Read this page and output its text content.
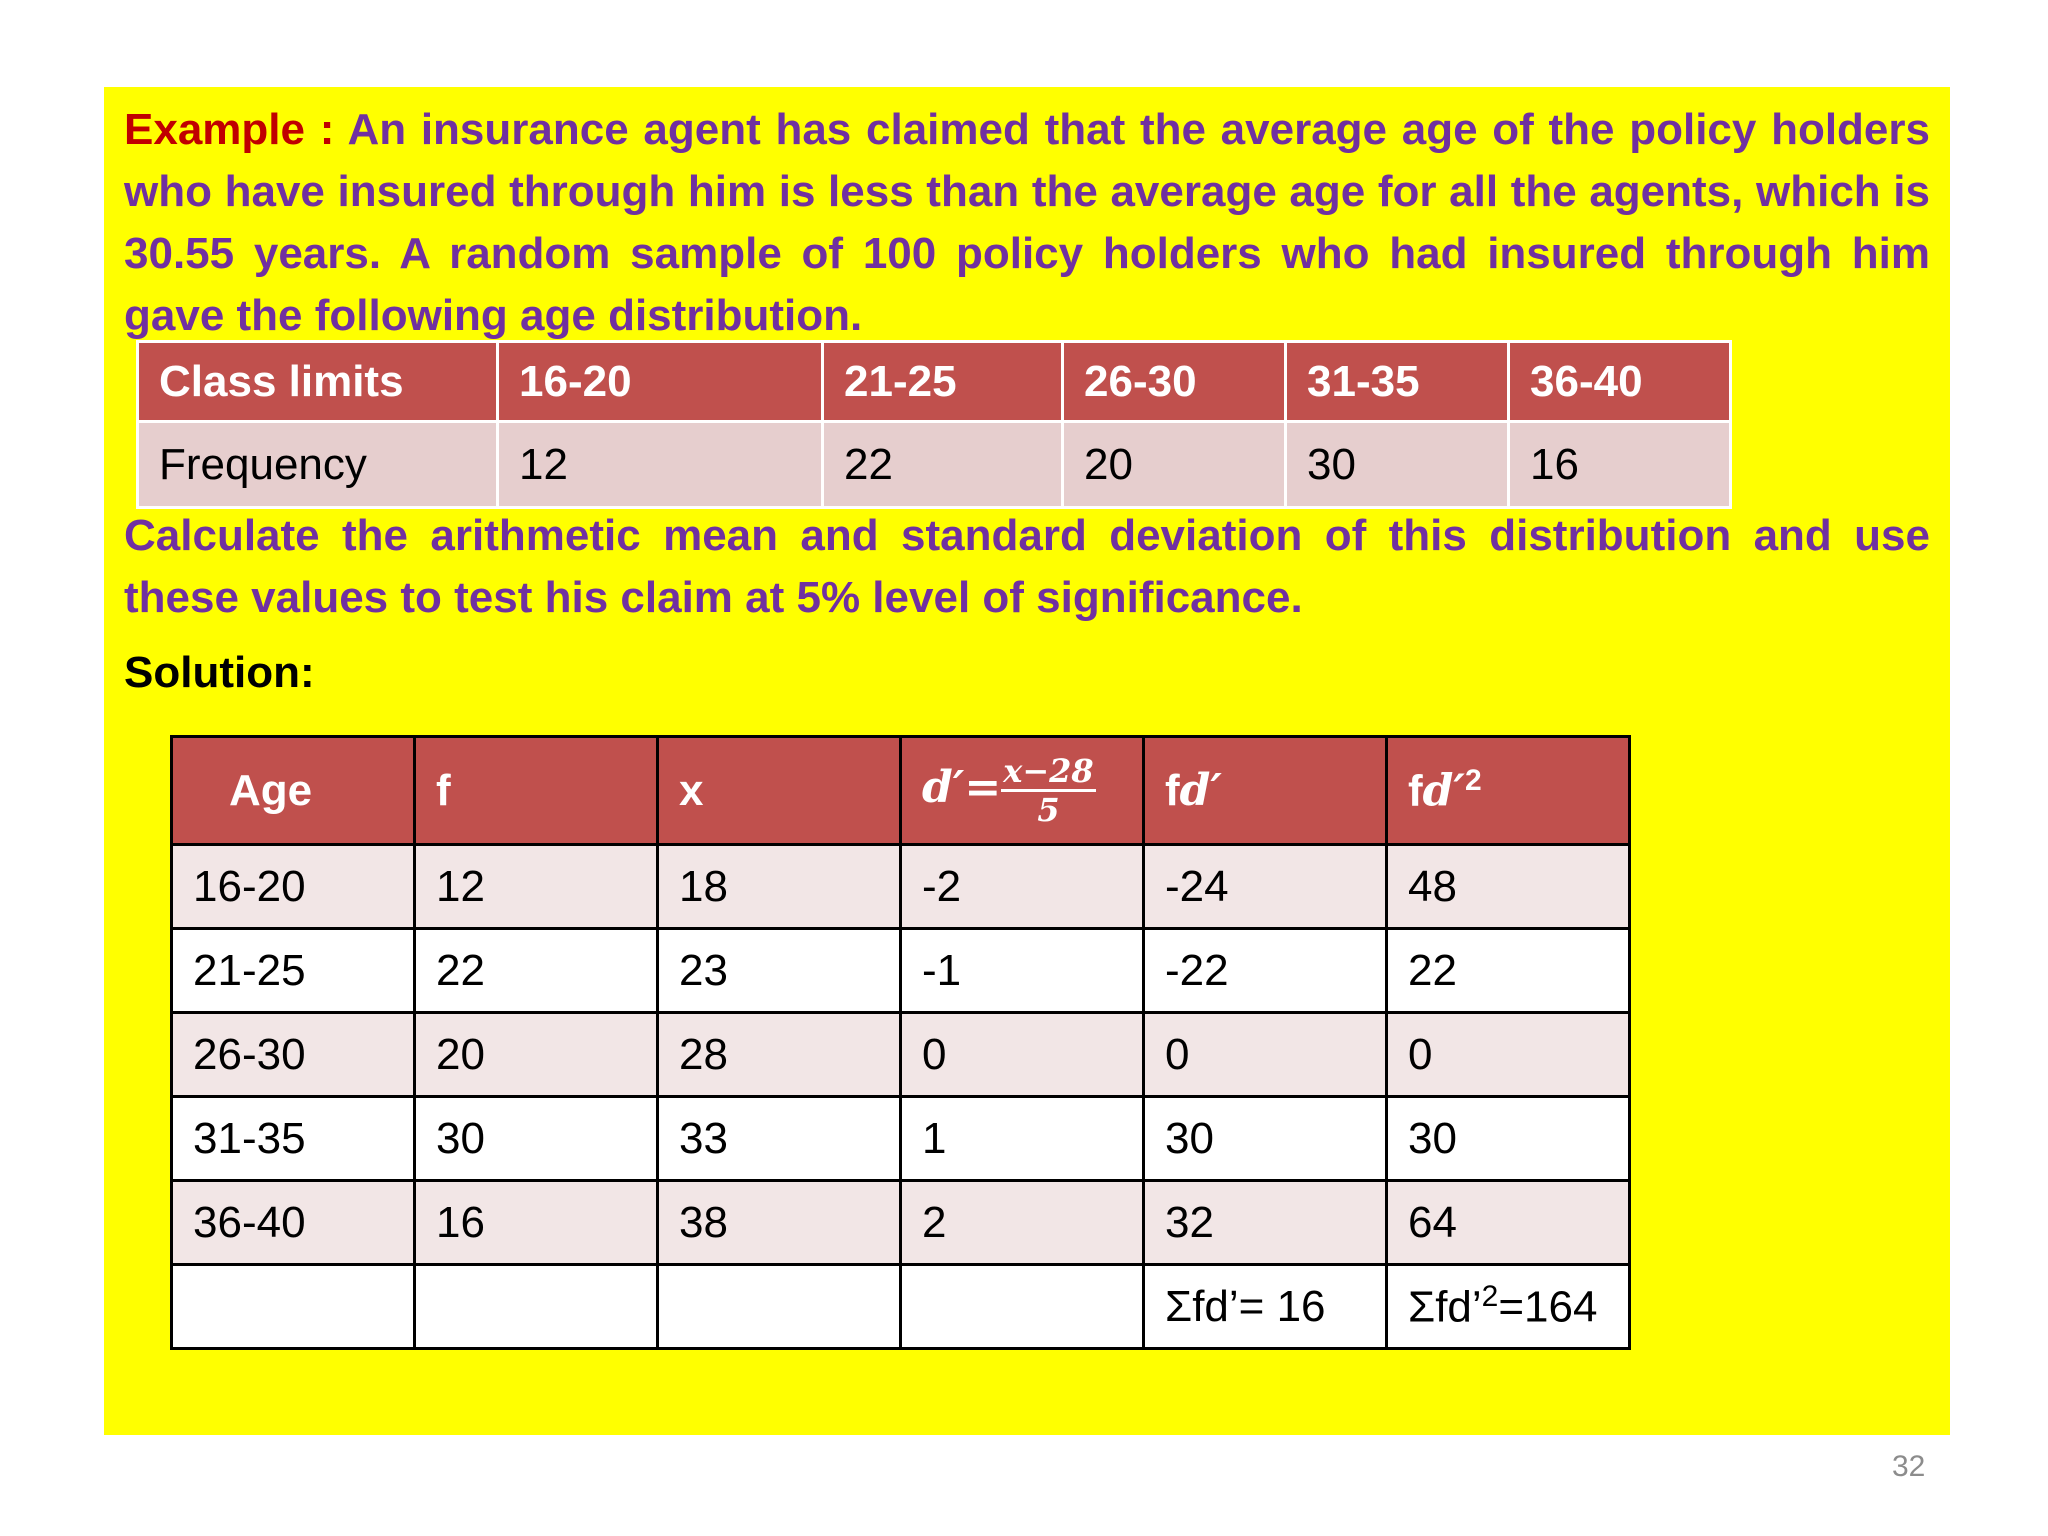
Example : An insurance agent has claimed that the average age of the policy holders who have insured through him is less than the average age for all the agents, which is 30.55 years. A random sample of 100 policy holders who had insured through him gave the following age distribution.
Class limits	16-20	21-25	26-30	31-35	36-40
Frequency	12	22	20	30	16
Calculate the arithmetic mean and standard deviation of this distribution and use these values to test his claim at 5% level of significance.
Solution:
Age	f	x	$d'= \frac{x-28}{5}$	fd′	$fd'^2$
16-20	12	18	-2	-24	48
21-25	22	23	-1	-22	22
26-30	20	28	0	0	0
31-35	30	33	1	30	30
36-40	16	38	2	32	64
				Σfd’= 16	Σfd’$^2$=164
32
